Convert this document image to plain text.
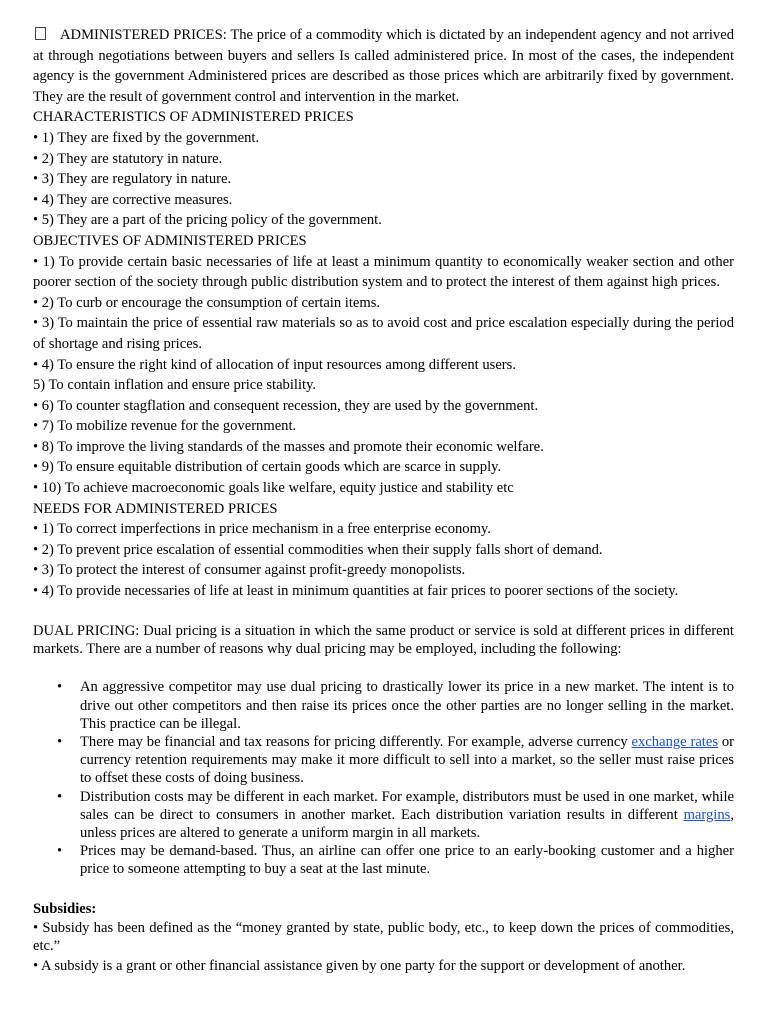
ADMINISTERED PRICES: The price of a commodity which is dictated by an independent agency and not arrived at through negotiations between buyers and sellers Is called administered price. In most of the cases, the independent agency is the government Administered prices are described as those prices which are arbitrarily fixed by government. They are the result of government control and intervention in the market.

CHARACTERISTICS OF ADMINISTERED PRICES

• 1) They are fixed by the government.

• 2) They are statutory in nature.

• 3) They are regulatory in nature.

• 4) They are corrective measures.

• 5) They are a part of the pricing policy of the government.

OBJECTIVES OF ADMINISTERED PRICES

• 1) To provide certain basic necessaries of life at least a minimum quantity to economically weaker section and other poorer section of the society through public distribution system and to protect the interest of them against high prices.

• 2) To curb or encourage the consumption of certain items.

• 3) To maintain the price of essential raw materials so as to avoid cost and price escalation especially during the period of shortage and rising prices.

• 4) To ensure the right kind of allocation of input resources among different users.

5) To contain inflation and ensure price stability.

• 6) To counter stagflation and consequent recession, they are used by the government.

• 7) To mobilize revenue for the government.

• 8) To improve the living standards of the masses and promote their economic welfare.

• 9) To ensure equitable distribution of certain goods which are scarce in supply.

• 10) To achieve macroeconomic goals like welfare, equity justice and stability etc

NEEDS FOR ADMINISTERED PRICES

• 1) To correct imperfections in price mechanism in a free enterprise economy.

• 2) To prevent price escalation of essential commodities when their supply falls short of demand.

• 3) To protect the interest of consumer against profit-greedy monopolists.

• 4) To provide necessaries of life at least in minimum quantities at fair prices to poorer sections of the society.

DUAL PRICING: Dual pricing is a situation in which the same product or service is sold at different prices in different markets. There are a number of reasons why dual pricing may be employed, including the following:

• An aggressive competitor may use dual pricing to drastically lower its price in a new market. The intent is to drive out other competitors and then raise its prices once the other parties are no longer selling in the market. This practice can be illegal.
• There may be financial and tax reasons for pricing differently. For example, adverse currency exchange rates or currency retention requirements may make it more difficult to sell into a market, so the seller must raise prices to offset these costs of doing business.
• Distribution costs may be different in each market. For example, distributors must be used in one market, while sales can be direct to consumers in another market. Each distribution variation results in different margins, unless prices are altered to generate a uniform margin in all markets.
• Prices may be demand-based. Thus, an airline can offer one price to an early-booking customer and a higher price to someone attempting to buy a seat at the last minute.

Subsidies:

• Subsidy has been defined as the “money granted by state, public body, etc., to keep down the prices of commodities, etc.”

• A subsidy is a grant or other financial assistance given by one party for the support or development of another.
